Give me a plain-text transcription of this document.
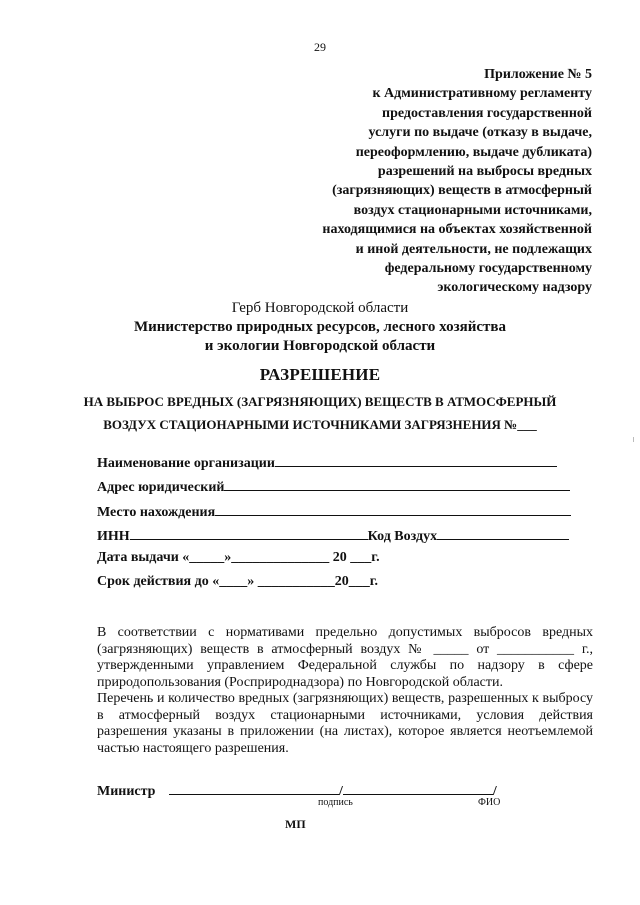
29
Приложение № 5
к Административному регламенту
предоставления государственной
услуги по выдаче (отказу в выдаче,
переоформлению, выдаче дубликата)
разрешений на выбросы вредных
(загрязняющих) веществ в атмосферный
воздух стационарными источниками,
находящимися на объектах хозяйственной
и иной деятельности, не подлежащих
федеральному государственному
экологическому надзору
Герб Новгородской области
Министерство природных ресурсов, лесного хозяйства
и экологии Новгородской области
РАЗРЕШЕНИЕ
НА ВЫБРОС ВРЕДНЫХ (ЗАГРЯЗНЯЮЩИХ) ВЕЩЕСТВ В АТМОСФЕРНЫЙ
ВОЗДУХ СТАЦИОНАРНЫМИ ИСТОЧНИКАМИ ЗАГРЯЗНЕНИЯ №___
Наименование организации
Адрес юридический
Место нахождения
ИНН	Код Воздух
Дата выдачи «_____»______________ 20 ___г.
Срок действия до «____» ___________20___г.

В соответствии с нормативами предельно допустимых выбросов вредных (загрязняющих) веществ в атмосферный воздух № _____ от ___________ г., утвержденными управлением Федеральной службы по надзору в сфере природопользования (Росприроднадзора) по Новгородской области.

Перечень и количество вредных (загрязняющих) веществ, разрешенных к выбросу в атмосферный воздух стационарными источниками, условия действия разрешения указаны в приложении (на листах), которое является неотъемлемой частью настоящего разрешения.

Министр	/	/
подпись	ФИО
МП
